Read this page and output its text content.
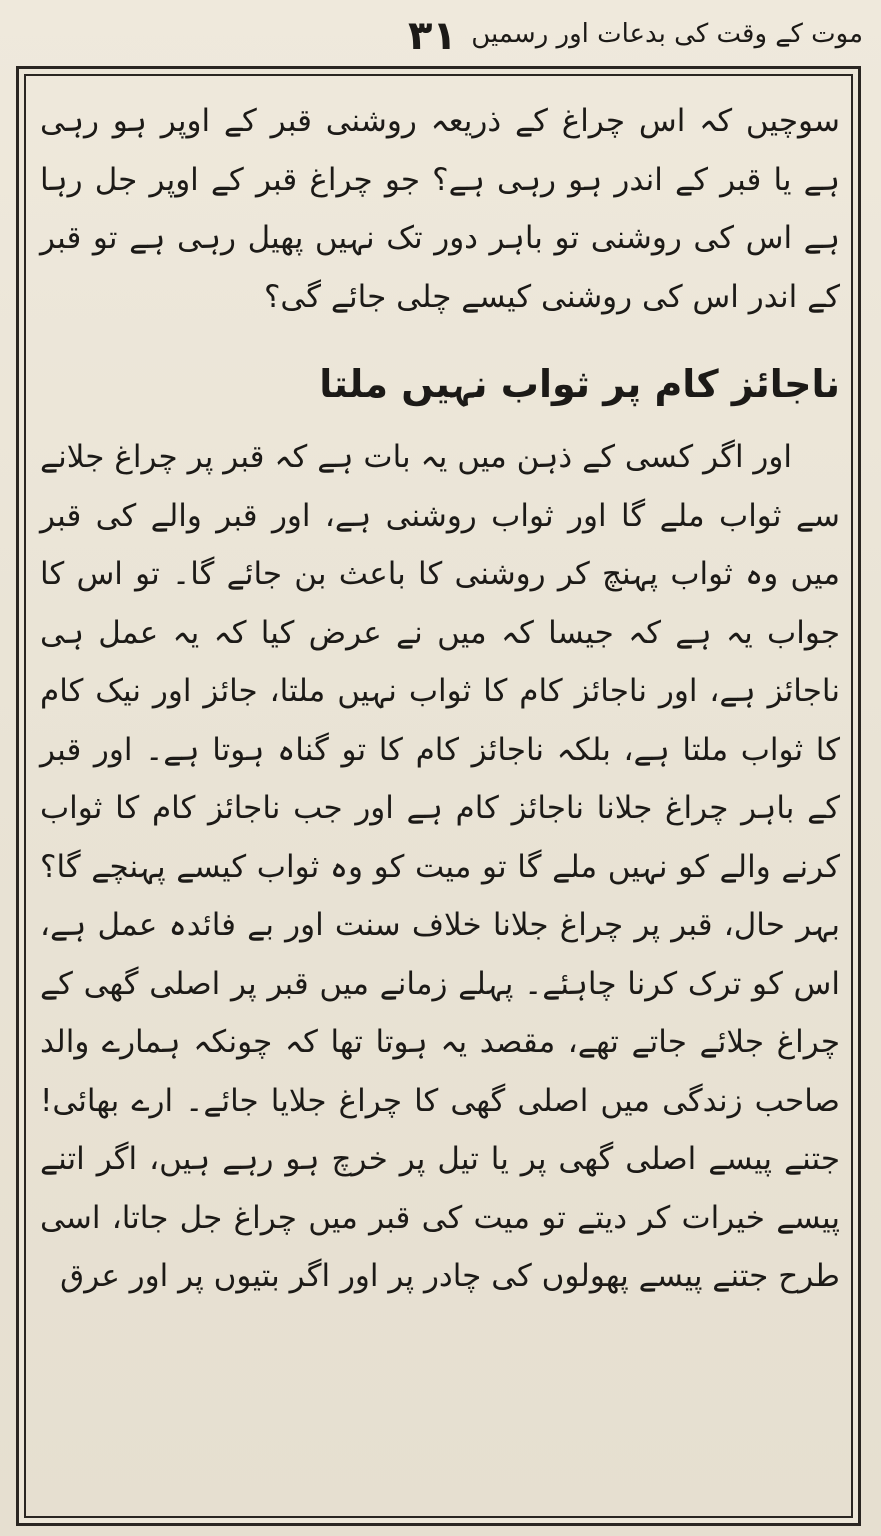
موت کے وقت کی بدعات اور رسمیں
۳۱

سوچیں کہ اس چراغ کے ذریعہ روشنی قبر کے اوپر ہو رہی ہے یا قبر کے اندر ہو رہی ہے؟ جو چراغ قبر کے اوپر جل رہا ہے اس کی روشنی تو باہر دور تک نہیں پھیل رہی ہے تو قبر کے اندر اس کی روشنی کیسے چلی جائے گی؟

ناجائز کام پر ثواب نہیں ملتا

اور اگر کسی کے ذہن میں یہ بات ہے کہ قبر پر چراغ جلانے سے ثواب ملے گا اور ثواب روشنی ہے، اور قبر والے کی قبر میں وہ ثواب پہنچ کر روشنی کا باعث بن جائے گا۔ تو اس کا جواب یہ ہے کہ جیسا کہ میں نے عرض کیا کہ یہ عمل ہی ناجائز ہے، اور ناجائز کام کا ثواب نہیں ملتا، جائز اور نیک کام کا ثواب ملتا ہے، بلکہ ناجائز کام کا تو گناہ ہوتا ہے۔ اور قبر کے باہر چراغ جلانا ناجائز کام ہے اور جب ناجائز کام کا ثواب کرنے والے کو نہیں ملے گا تو میت کو وہ ثواب کیسے پہنچے گا؟ بہر حال، قبر پر چراغ جلانا خلاف سنت اور بے فائدہ عمل ہے، اس کو ترک کرنا چاہئے۔ پہلے زمانے میں قبر پر اصلی گھی کے چراغ جلائے جاتے تھے، مقصد یہ ہوتا تھا کہ چونکہ ہمارے والد صاحب زندگی میں اصلی گھی کا چراغ جلایا جائے۔ ارے بھائی! جتنے پیسے اصلی گھی پر یا تیل پر خرچ ہو رہے ہیں، اگر اتنے پیسے خیرات کر دیتے تو میت کی قبر میں چراغ جل جاتا، اسی طرح جتنے پیسے پھولوں کی چادر پر اور اگر بتیوں پر اور عرق
